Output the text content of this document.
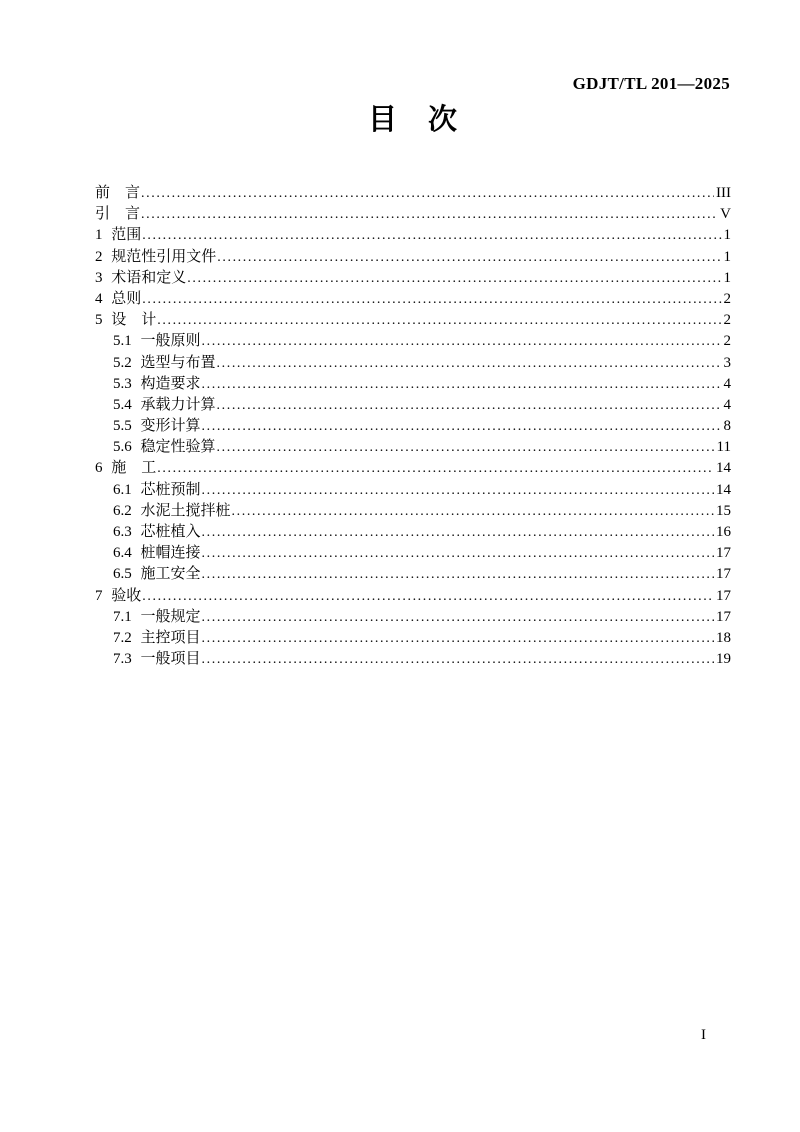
GDJT/TL 201—2025
目　次
前　言 .....	III
引　言 .....	V
1 范围 .....	1
2 规范性引用文件 .....	1
3 术语和定义 .....	1
4 总则 .....	2
5 设　计 .....	2
5.1 一般原则 .....	2
5.2 选型与布置 .....	3
5.3 构造要求 .....	4
5.4 承载力计算 .....	4
5.5 变形计算 .....	8
5.6 稳定性验算 .....	11
6 施　工 .....	14
6.1 芯桩预制 .....	14
6.2 水泥土搅拌桩 .....	15
6.3 芯桩植入 .....	16
6.4 桩帽连接 .....	17
6.5 施工安全 .....	17
7 验收 .....	17
7.1 一般规定 .....	17
7.2 主控项目 .....	18
7.3 一般项目 .....	19
I
